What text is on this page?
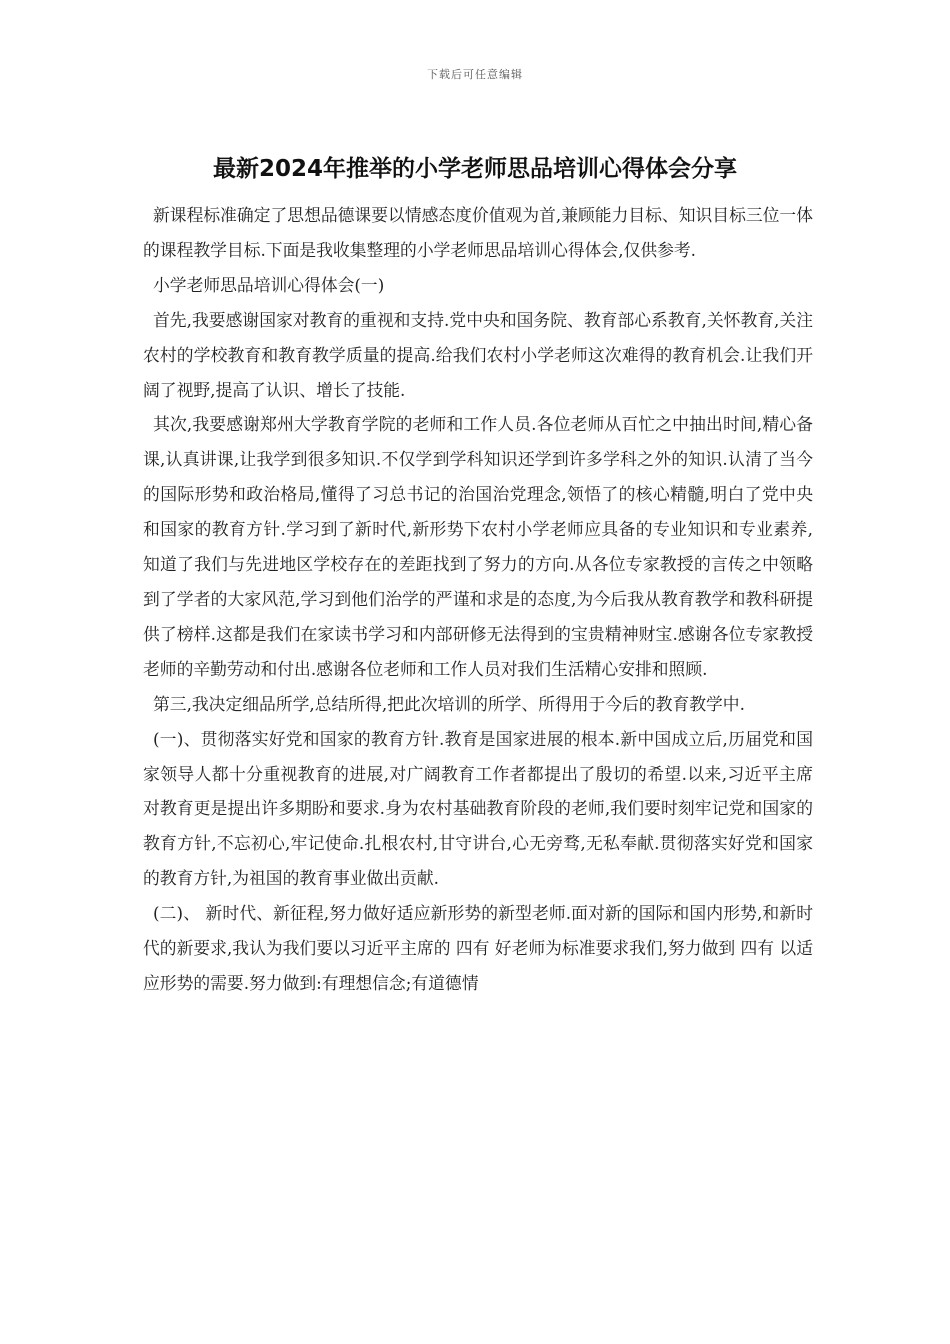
下载后可任意编辑
最新2024年推举的小学老师思品培训心得体会分享

新课程标准确定了思想品德课要以情感态度价值观为首,兼顾能力目标、知识目标三位一体的课程教学目标.下面是我收集整理的小学老师思品培训心得体会,仅供参考.

小学老师思品培训心得体会(一)

首先,我要感谢国家对教育的重视和支持.党中央和国务院、教育部心系教育,关怀教育,关注农村的学校教育和教育教学质量的提高.给我们农村小学老师这次难得的教育机会.让我们开阔了视野,提高了认识、增长了技能.

其次,我要感谢郑州大学教育学院的老师和工作人员.各位老师从百忙之中抽出时间,精心备课,认真讲课,让我学到很多知识.不仅学到学科知识还学到许多学科之外的知识.认清了当今的国际形势和政治格局,懂得了习总书记的治国治党理念,领悟了的核心精髓,明白了党中央和国家的教育方针.学习到了新时代,新形势下农村小学老师应具备的专业知识和专业素养,知道了我们与先进地区学校存在的差距找到了努力的方向.从各位专家教授的言传之中领略到了学者的大家风范,学习到他们治学的严谨和求是的态度,为今后我从教育教学和教科研提供了榜样.这都是我们在家读书学习和内部研修无法得到的宝贵精神财宝.感谢各位专家教授老师的辛勤劳动和付出.感谢各位老师和工作人员对我们生活精心安排和照顾.

第三,我决定细品所学,总结所得,把此次培训的所学、所得用于今后的教育教学中.

(一)、贯彻落实好党和国家的教育方针.教育是国家进展的根本.新中国成立后,历届党和国家领导人都十分重视教育的进展,对广阔教育工作者都提出了殷切的希望.以来,习近平主席对教育更是提出许多期盼和要求.身为农村基础教育阶段的老师,我们要时刻牢记党和国家的教育方针,不忘初心,牢记使命.扎根农村,甘守讲台,心无旁骛,无私奉献.贯彻落实好党和国家的教育方针,为祖国的教育事业做出贡献.

(二)、 新时代、新征程,努力做好适应新形势的新型老师.面对新的国际和国内形势,和新时代的新要求,我认为我们要以习近平主席的 四有 好老师为标准要求我们,努力做到 四有 以适应形势的需要.努力做到:有理想信念;有道德情
